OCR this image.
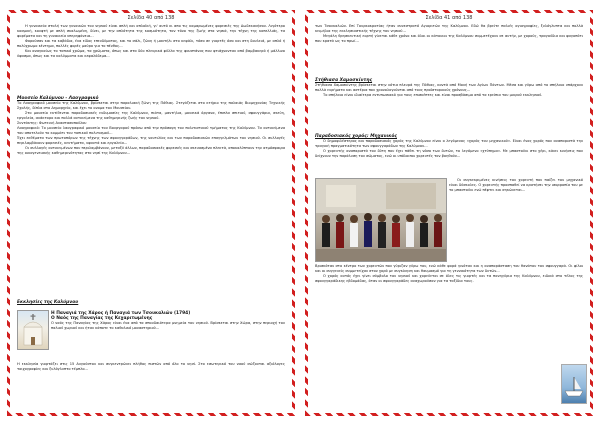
Σελίδα 40 από 138

Η γυναικεία στολή των γυναικών του νησιού είναι απλή και απλοϊκή, γι' αυτό κι απο τις καμαρωμένες φορεσιές της Δωδεκανήσου. Λιγότερο κοσμική, κουφτή με απλή σκαλωμένη, δίνει, με την απλότητα της κοσμιότητα, τον τόνο της ζωής στα νησιά, την τέχνη της κοπελλιάς, τα φορέματα και τη γυναικεία υπερηφάνεια...

Φορούσαν και τα καβάδια, ένα είδος επενδύματος, και το σάλι, ζώνη ή μαντήλι στο κεφάλι, τόσο σε γιορτές όσο και στη δουλειά, με απλό ή πολύχρωμο κέντημα, πολλές φορές μαύρο για το πένθος...

Και αναγκαίως το τοπικό χρώμα, τα χρώματα, όπως και στα δύο πλευρικά φύλλα της φουστάνας που φτιάχνονταν από βαμβακερό ή μάλλινο ύφασμα, όπως και τα καλύμματα και κεφαλόδεμα...

Μουσείο Καλύμνου - Λαογραφικό

Το Λαογραφικό μουσείο της Καλύμνου, βρίσκεται στην παραλιακή ζώνη της Πόθιας. Στεγάζεται στο κτήριο της παλαιάς Βιομηχανίας Τεχνικής Σχολής, δίπλα στο Δημαρχείο, και έχει το ονομα του Μουσείου.

Στο μουσείο εκτίθενται παραδοσιακές ενδυμασίες της Καλύμνου, πιάτα, μαντήλια, μουσικά όργανα, έπιπλα σπιτιού, σφουγγάρια, σκεύη, εργαλεία, ανάκτορο και πολλά αντικείμενα της καθημερινής ζωής του νησιού.

Συντάκτης: Φωτεινή Αναστασοπούλου

Λαογραφικό: Το μουσείο λαογραφικό μουσείο του Βουργαρού πρόσω από την πρόσοψη του πολιτιστικού τμήματος της Καλύμνου. Τα αντικείμενα του αποτελούν το κομμάτι του τοπικού πολιτισμού...

Έχει εκθέματα των πρωτοπόρων της τέχνης των σφουγγαράδων, της ναυτιλίας και των παραδοσιακών επαγγελμάτων του νησιού. Οι συλλογές περιλαμβάνουν φορεσιές, κεντήματα, υφαντά και εργαλεία...

Οι συλλογές αντικειμένων που περιλαμβάνουν, μεταξύ άλλων, παραδοσιακές φορεσιές και σκευασμένα πλεκτά, αποκαλύπτουν την ατμόσφαιρα της οικογενειακής καθημερινότητας στο νησί της Καλύμνου...

Εκκλησίες της Καλύμνου

Η Παναγιά της Χάρος ή Παναγιά των Τσουκαλιών (1794)

Ο Ναός της Παναγίας της Κεχαριτωμένης

Ο ναός της Παναγίας της Χάρος είναι ένα από τα σπουδαιότερα μνημεία του νησιού. Βρίσκεται στην Χώρα, στην περιοχή του παλιού χωριού και ήταν κάποτε το καθολικό μοναστηριού...

Η εκκλησία γιορτάζει στις 15 Αυγούστου και συγκεντρώνει πλήθος πιστών από όλο το νησί. Στο εσωτερικό του ναού σώζονται αξιόλογες τοιχογραφίες και ξυλόγλυπτο τέμπλο...

Σελίδα 41 από 138

των Τσουκαλιών. Επί Τουρκοκρατίας ήταν συνεστρατό Αγιοριτών της Καλύμνου. Εδώ θα βρείτε παλιές αγιογραφίες, ξυλόγλυπτα και πολλά κειμήλια της εκκλησιαστικής τέχνης του νησιού...

Μεγάλη θρησκευτική εορτή γίνεται κάθε χρόνο και όλοι οι κάτοικοι της Καλύμνου συμμετέχουν σε αυτήν, με χορούς, τραγούδια και φαγοπότι που κρατά ως το πρωί...

Στήθιασα Χαμοσκίντης

Στήθιασα Χαμοσκίντης βρίσκεται στην νότια πλευρά της Πόθιας, κοντά από Μονή των Αγίων Πάντων. Μέσα και γύρω από το σπήλαιο υπάρχουν πολλά ευρήματα και αστέρια που χρονολογούνται από τους προϊστορικούς χρόνους...

Το σπήλαιο είναι ιδιαίτερα εντυπωσιακό για τους επισκέπτες και είναι προσβάσιμο από τα ερείπια του μικρού εκκλησιού.

Παραδοσιακός χορός: Μηχανικός

Ο δημοφιλέστερος και παραδοσιακός χορός της Καλύμνου είναι ο λεγόμενος «χορός του μηχανικού». Είναι ένας χορός που αναπαριστά την τραγική πραγματικότητα των σφουγγαράδων της Καλύμνου...

Ο χορευτής αναπαριστά τον δύτη που έχει πάθει τη νόσο των δυτών, το λεγόμενο «χτύπημα». Με μπαστούνι στο χέρι, κάνει κινήσεις που δείχνουν την παράλυση του σώματος, ενώ οι υπόλοιποι χορευτές τον βοηθούν...

Οι συγκεκριμένες κινήσεις του χορευτή που παίζει τον μηχανικό είναι δύσκολες. Ο χορευτής προσπαθεί να κρατήσει την ισορροπία του με το μπαστούνι ενώ πέφτει και σηκώνεται...

Βρισκόταν στο κέντρο των χορευτών που γύριζαν γύρω του, ενώ κάθε φορά γινόταν και η αναπαράσταση του θανάτου του σφουγγαρά. Οι φίλοι και οι συγγενείς συμμετείχαν στον χορό με συγκίνηση και θαυμασμό για τη γενναιότητα των δυτών...

Ο χορός αυτός έχει γίνει σύμβολο του νησιού και χορεύεται σε όλες τις γιορτές και τα πανηγύρια της Καλύμνου, ειδικά στο τέλος της σφουγγαράδικης εβδομάδας, όταν οι σφουγγαράδες αναχωρούσαν για τα ταξίδια τους.
